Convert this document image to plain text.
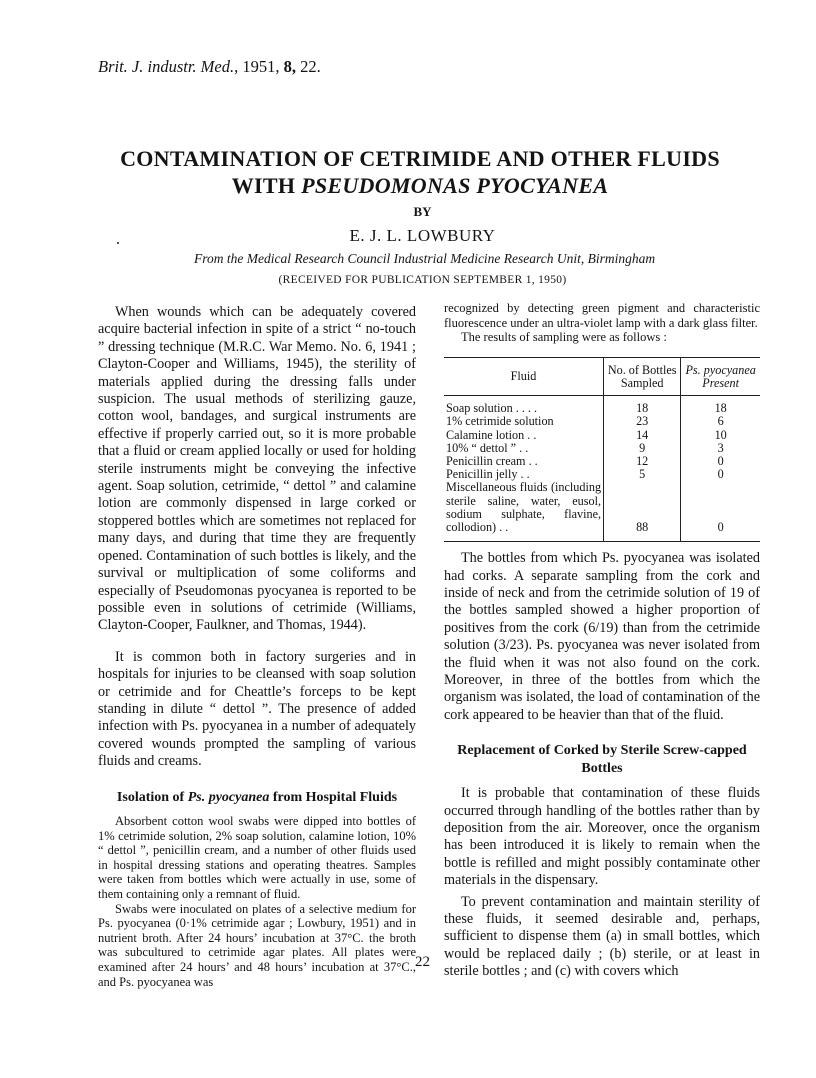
Brit. J. industr. Med., 1951, 8, 22.
CONTAMINATION OF CETRIMIDE AND OTHER FLUIDS
WITH PSEUDOMONAS PYOCYANEA
BY
E. J. L. LOWBURY
From the Medical Research Council Industrial Medicine Research Unit, Birmingham
(RECEIVED FOR PUBLICATION SEPTEMBER 1, 1950)

When wounds which can be adequately covered acquire bacterial infection in spite of a strict “ no-touch ” dressing technique (M.R.C. War Memo. No. 6, 1941 ; Clayton-Cooper and Williams, 1945), the sterility of materials applied during the dressing falls under suspicion. The usual methods of sterilizing gauze, cotton wool, bandages, and surgical instruments are effective if properly carried out, so it is more probable that a fluid or cream applied locally or used for holding sterile instruments might be conveying the infective agent. Soap solution, cetrimide, “ dettol ” and calamine lotion are commonly dispensed in large corked or stoppered bottles which are sometimes not replaced for many days, and during that time they are frequently opened. Contamination of such bottles is likely, and the survival or multiplication of some coliforms and especially of Pseudomonas pyocyanea is reported to be possible even in solutions of cetrimide (Williams, Clayton-Cooper, Faulkner, and Thomas, 1944).

It is common both in factory surgeries and in hospitals for injuries to be cleansed with soap solution or cetrimide and for Cheattle’s forceps to be kept standing in dilute “ dettol ”. The presence of added infection with Ps. pyocyanea in a number of adequately covered wounds prompted the sampling of various fluids and creams.

Isolation of Ps. pyocyanea from Hospital Fluids

Absorbent cotton wool swabs were dipped into bottles of 1% cetrimide solution, 2% soap solution, calamine lotion, 10% “ dettol ”, penicillin cream, and a number of other fluids used in hospital dressing stations and operating theatres. Samples were taken from bottles which were actually in use, some of them containing only a remnant of fluid.

Swabs were inoculated on plates of a selective medium for Ps. pyocyanea (0·1% cetrimide agar ; Lowbury, 1951) and in nutrient broth. After 24 hours’ incubation at 37°C. the broth was subcultured to cetrimide agar plates. All plates were examined after 24 hours’ and 48 hours’ incubation at 37°C., and Ps. pyocyanea was

recognized by detecting green pigment and characteristic fluorescence under an ultra-violet lamp with a dark glass filter.

The results of sampling were as follows :

Fluid	No. of Bottles Sampled	Ps. pyocyanea Present
Soap solution . . . .	18	18
1% cetrimide solution	23	6
Calamine lotion . .	14	10
10% “ dettol ” . .	9	3
Penicillin cream . .	12	0
Penicillin jelly . .	5	0
Miscellaneous fluids (including sterile saline, water, eusol, sodium sulphate, flavine, collodion) . .	88	0

The bottles from which Ps. pyocyanea was isolated had corks. A separate sampling from the cork and inside of neck and from the cetrimide solution of 19 of the bottles sampled showed a higher proportion of positives from the cork (6/19) than from the cetrimide solution (3/23). Ps. pyocyanea was never isolated from the fluid when it was not also found on the cork. Moreover, in three of the bottles from which the organism was isolated, the load of contamination of the cork appeared to be heavier than that of the fluid.

Replacement of Corked by Sterile Screw-capped Bottles

It is probable that contamination of these fluids occurred through handling of the bottles rather than by deposition from the air. Moreover, once the organism has been introduced it is likely to remain when the bottle is refilled and might possibly contaminate other materials in the dispensary.

To prevent contamination and maintain sterility of these fluids, it seemed desirable and, perhaps, sufficient to dispense them (a) in small bottles, which would be replaced daily ; (b) sterile, or at least in sterile bottles ; and (c) with covers which

22
